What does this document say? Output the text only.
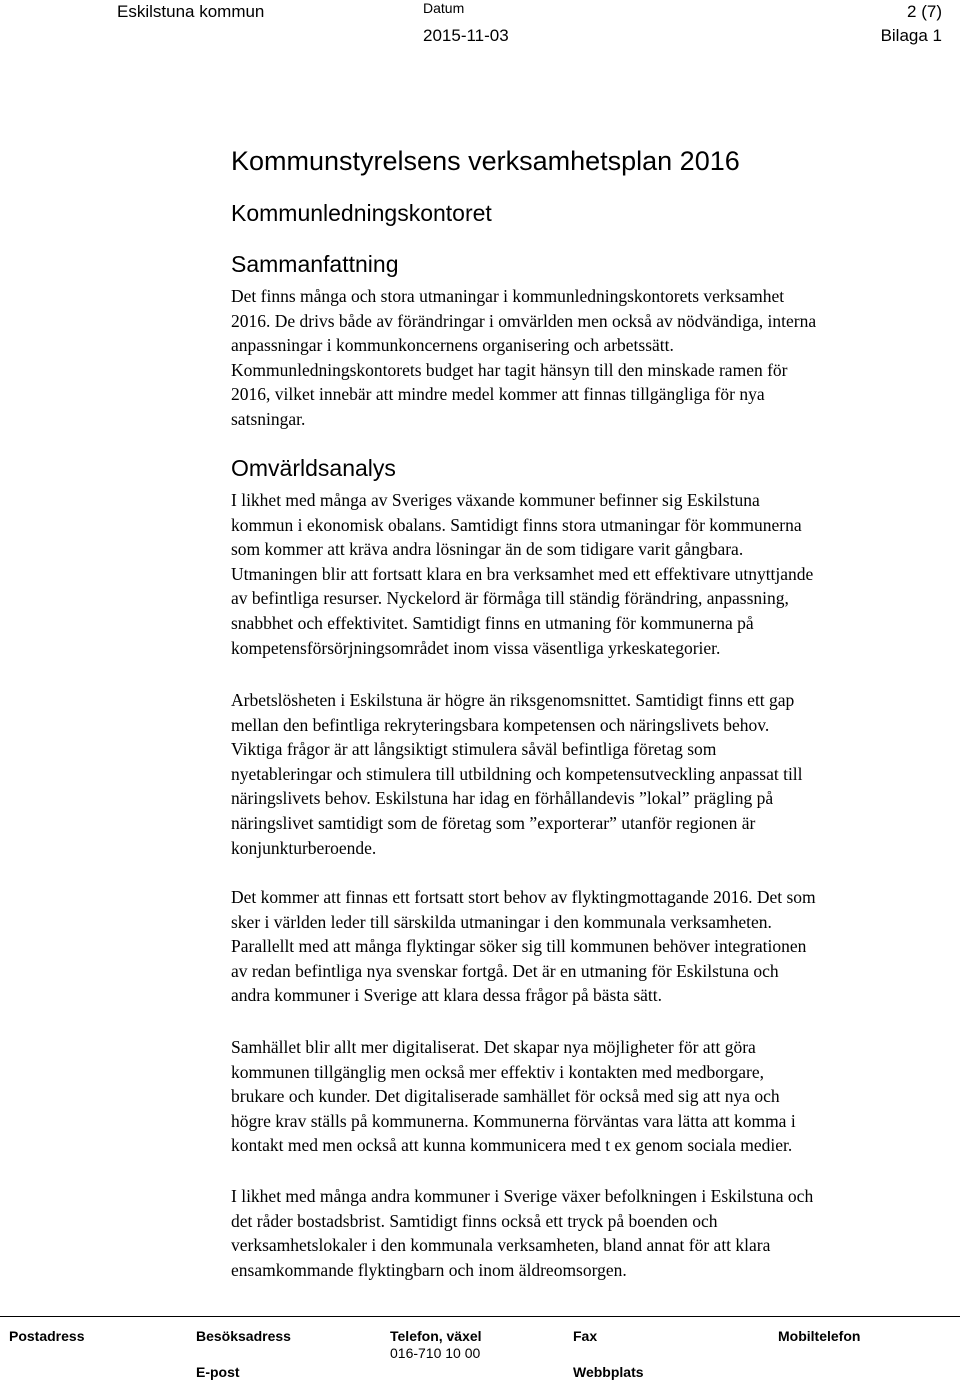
Eskilstuna kommun	Datum	2 (7)
2015-11-03	Bilaga 1
Kommunstyrelsens verksamhetsplan 2016
Kommunledningskontoret
Sammanfattning

Det finns många och stora utmaningar i kommunledningskontorets verksamhet
2016. De drivs både av förändringar i omvärlden men också av nödvändiga, interna
anpassningar i kommunkoncernens organisering och arbetssätt.
Kommunledningskontorets budget har tagit hänsyn till den minskade ramen för
2016, vilket innebär att mindre medel kommer att finnas tillgängliga för nya
satsningar.

Omvärldsanalys

I likhet med många av Sveriges växande kommuner befinner sig Eskilstuna
kommun i ekonomisk obalans. Samtidigt finns stora utmaningar för kommunerna
som kommer att kräva andra lösningar än de som tidigare varit gångbara.
Utmaningen blir att fortsatt klara en bra verksamhet med ett effektivare utnyttjande
av befintliga resurser. Nyckelord är förmåga till ständig förändring, anpassning,
snabbhet och effektivitet. Samtidigt finns en utmaning för kommunerna på
kompetensförsörjningsområdet inom vissa väsentliga yrkeskategorier.

Arbetslösheten i Eskilstuna är högre än riksgenomsnittet. Samtidigt finns ett gap
mellan den befintliga rekryteringsbara kompetensen och näringslivets behov.
Viktiga frågor är att långsiktigt stimulera såväl befintliga företag som
nyetableringar och stimulera till utbildning och kompetensutveckling anpassat till
näringslivets behov. Eskilstuna har idag en förhållandevis ”lokal” prägling på
näringslivet samtidigt som de företag som ”exporterar” utanför regionen är
konjunkturberoende.

Det kommer att finnas ett fortsatt stort behov av flyktingmottagande 2016. Det som
sker i världen leder till särskilda utmaningar i den kommunala verksamheten.
Parallellt med att många flyktingar söker sig till kommunen behöver integrationen
av redan befintliga nya svenskar fortgå. Det är en utmaning för Eskilstuna och
andra kommuner i Sverige att klara dessa frågor på bästa sätt.

Samhället blir allt mer digitaliserat. Det skapar nya möjligheter för att göra
kommunen tillgänglig men också mer effektiv i kontakten med medborgare,
brukare och kunder. Det digitaliserade samhället för också med sig att nya och
högre krav ställs på kommunerna. Kommunerna förväntas vara lätta att komma i
kontakt med men också att kunna kommunicera med t ex genom sociala medier.

I likhet med många andra kommuner i Sverige växer befolkningen i Eskilstuna och
det råder bostadsbrist. Samtidigt finns också ett tryck på boenden och
verksamhetslokaler i den kommunala verksamheten, bland annat för att klara
ensamkommande flyktingbarn och inom äldreomsorgen.

Postadress	Besöksadress	Telefon, växel
016-710 10 00
Fax	Mobiltelefon
E-post	Webbplats
